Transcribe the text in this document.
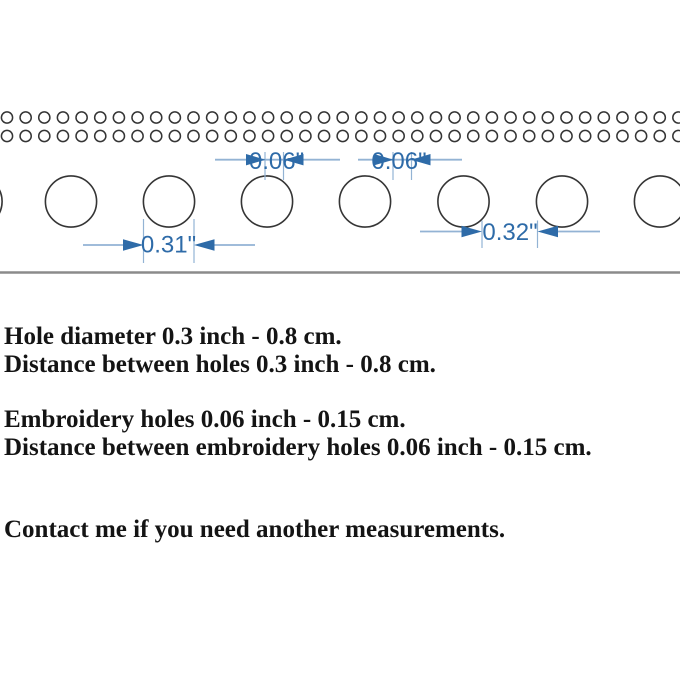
0.06"	0.06"
0.31"	0.32"
Hole diameter 0.3 inch - 0.8 cm.
Distance between holes 0.3 inch - 0.8 cm.
Embroidery holes 0.06 inch - 0.15 cm.
Distance between embroidery holes 0.06 inch - 0.15 cm.
Contact me if you need another measurements.
